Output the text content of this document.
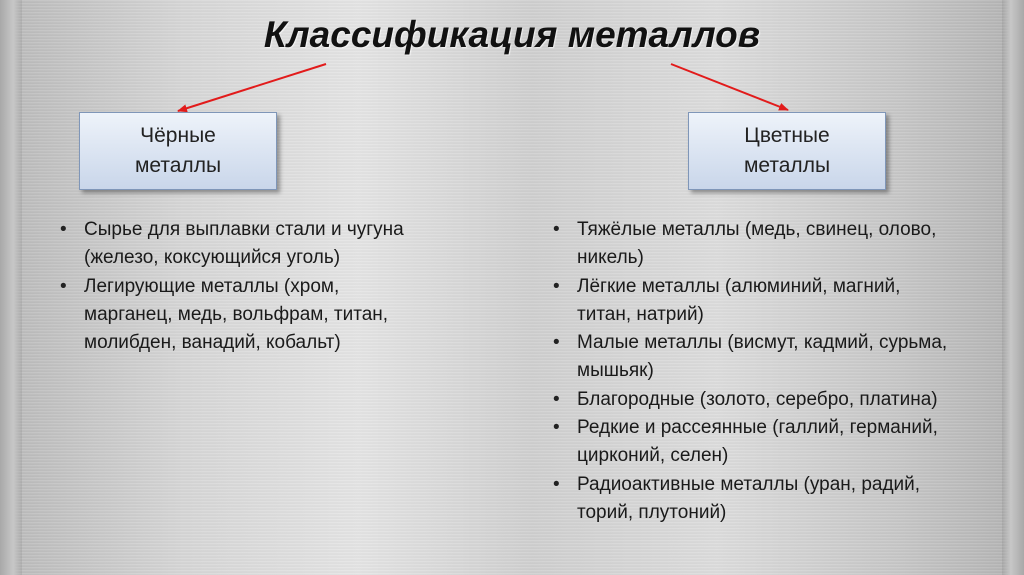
Классификация металлов
Чёрные
металлы
Цветные
металлы
• Сырье для выплавки стали и чугуна (железо, коксующийся уголь)
• Легирующие металлы (хром, марганец, медь, вольфрам, титан, молибден, ванадий, кобальт)
• Тяжёлые металлы (медь, свинец, олово, никель)
• Лёгкие металлы (алюминий, магний, титан, натрий)
• Малые металлы (висмут, кадмий, сурьма, мышьяк)
• Благородные (золото, серебро, платина)
• Редкие и рассеянные (галлий, германий, цирконий, селен)
• Радиоактивные металлы (уран, радий, торий, плутоний)
